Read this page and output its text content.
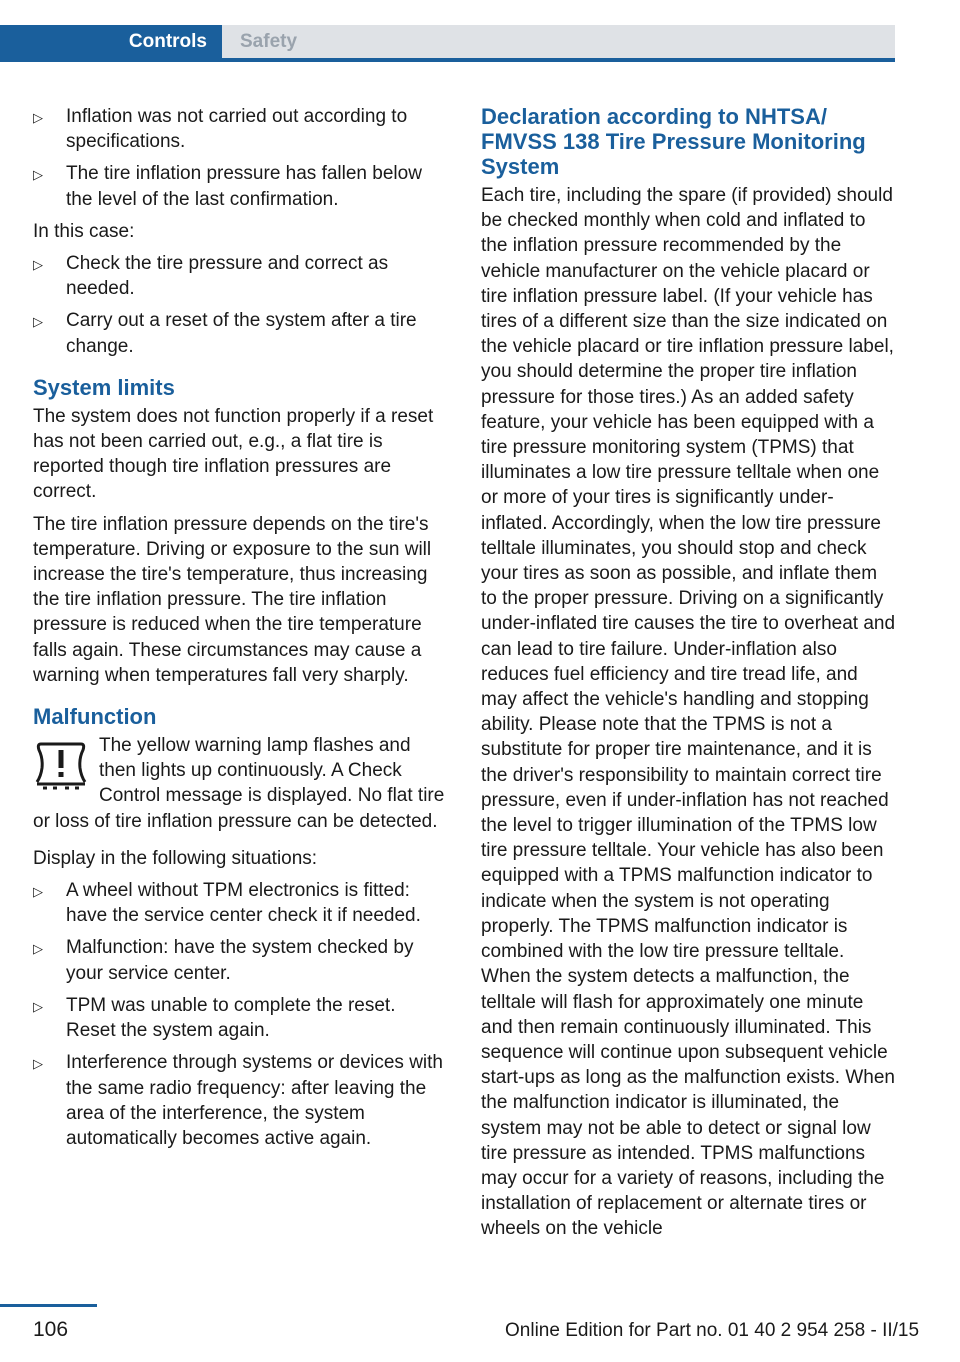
Controls Safety
▷ Inflation was not carried out according to specifications.
▷ The tire inflation pressure has fallen below the level of the last confirmation.
In this case:
▷ Check the tire pressure and correct as needed.
▷ Carry out a reset of the system after a tire change.
System limits
The system does not function properly if a reset has not been carried out, e.g., a flat tire is reported though tire inflation pressures are correct.
The tire inflation pressure depends on the tire's temperature. Driving or exposure to the sun will increase the tire's temperature, thus increasing the tire inflation pressure. The tire inflation pressure is reduced when the tire temperature falls again. These circumstances may cause a warning when temperatures fall very sharply.
Malfunction
The yellow warning lamp flashes and then lights up continuously. A Check Control message is displayed. No flat tire or loss of tire inflation pressure can be detected.
Display in the following situations:
▷ A wheel without TPM electronics is fitted: have the service center check it if needed.
▷ Malfunction: have the system checked by your service center.
▷ TPM was unable to complete the reset. Reset the system again.
▷ Interference through systems or devices with the same radio frequency: after leaving the area of the interference, the system automatically becomes active again.
Declaration according to NHTSA/ FMVSS 138 Tire Pressure Monitoring System
Each tire, including the spare (if provided) should be checked monthly when cold and inflated to the inflation pressure recommended by the vehicle manufacturer on the vehicle placard or tire inflation pressure label. (If your vehicle has tires of a different size than the size indicated on the vehicle placard or tire inflation pressure label, you should determine the proper tire inflation pressure for those tires.) As an added safety feature, your vehicle has been equipped with a tire pressure monitoring system (TPMS) that illuminates a low tire pressure telltale when one or more of your tires is significantly under-inflated. Accordingly, when the low tire pressure telltale illuminates, you should stop and check your tires as soon as possible, and inflate them to the proper pressure. Driving on a significantly under-inflated tire causes the tire to overheat and can lead to tire failure. Under-inflation also reduces fuel efficiency and tire tread life, and may affect the vehicle's handling and stopping ability. Please note that the TPMS is not a substitute for proper tire maintenance, and it is the driver's responsibility to maintain correct tire pressure, even if under-inflation has not reached the level to trigger illumination of the TPMS low tire pressure telltale. Your vehicle has also been equipped with a TPMS malfunction indicator to indicate when the system is not operating properly. The TPMS malfunction indicator is combined with the low tire pressure telltale. When the system detects a malfunction, the telltale will flash for approximately one minute and then remain continuously illuminated. This sequence will continue upon subsequent vehicle start-ups as long as the malfunction exists. When the malfunction indicator is illuminated, the system may not be able to detect or signal low tire pressure as intended. TPMS malfunctions may occur for a variety of reasons, including the installation of replacement or alternate tires or wheels on the vehicle
106	Online Edition for Part no. 01 40 2 954 258 - II/15
